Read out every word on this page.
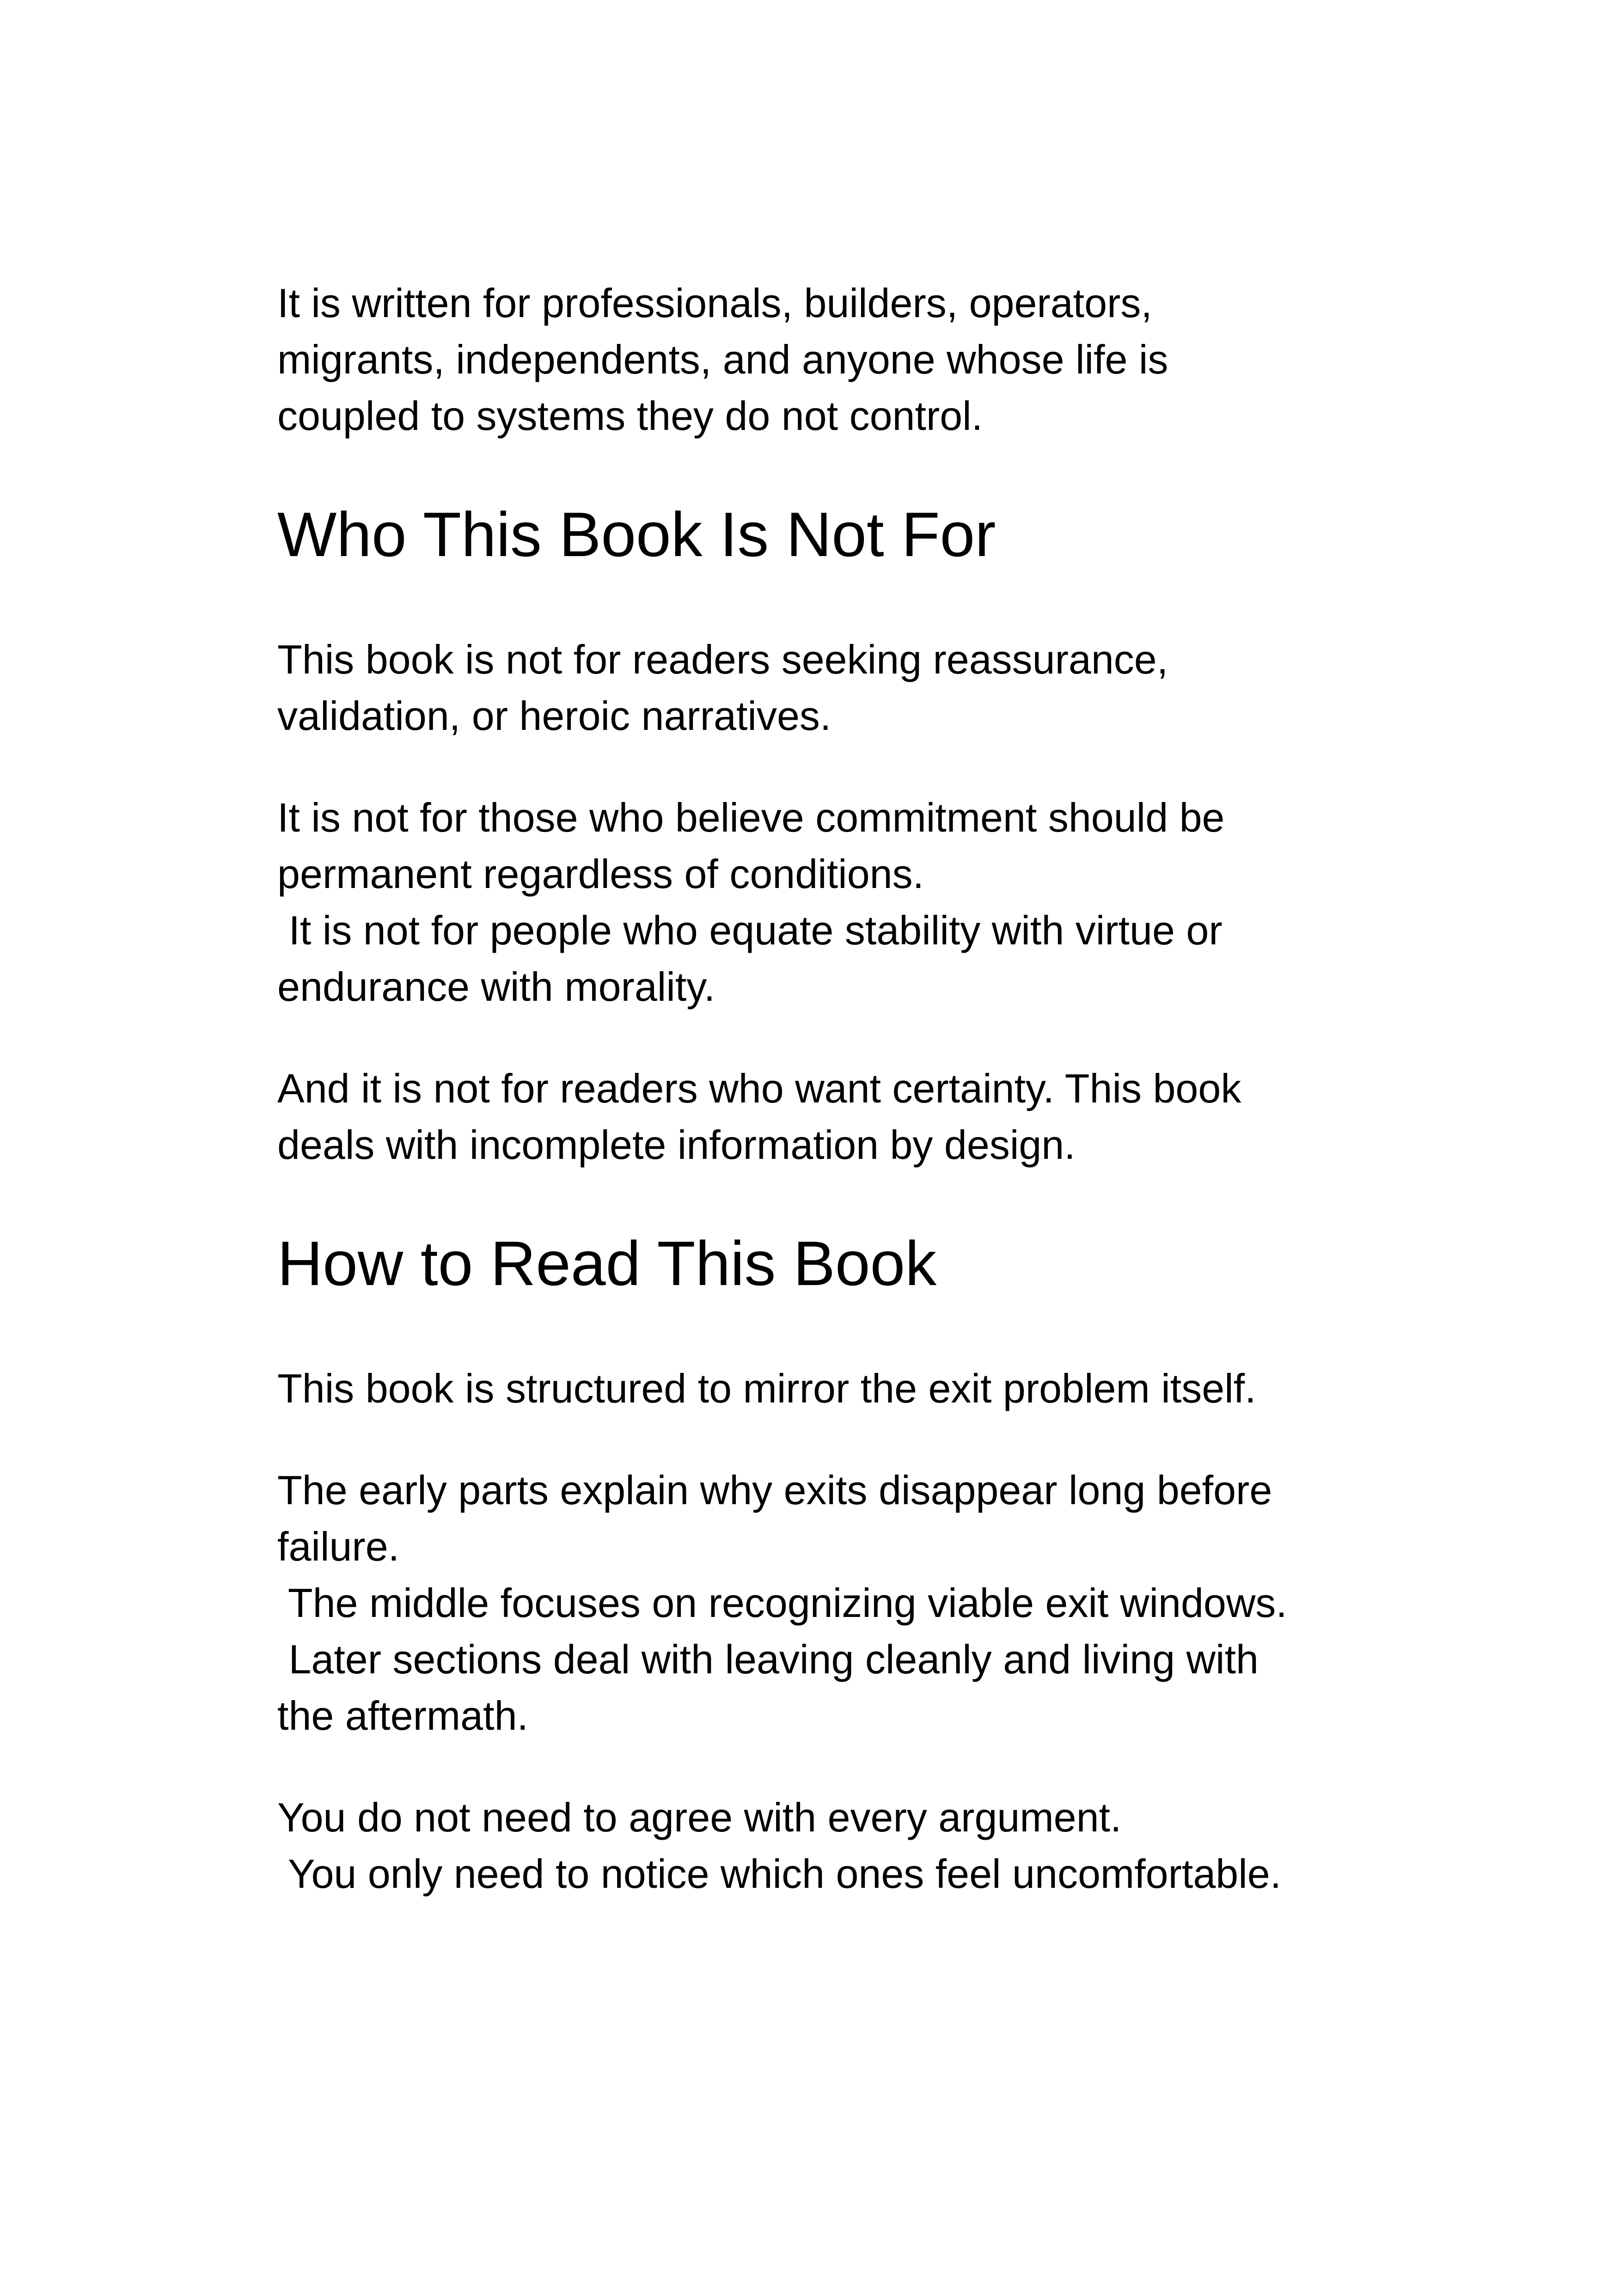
It is written for professionals, builders, operators,
migrants, independents, and anyone whose life is
coupled to systems they do not control.

Who This Book Is Not For

This book is not for readers seeking reassurance,
validation, or heroic narratives.

It is not for those who believe commitment should be
permanent regardless of conditions.
It is not for people who equate stability with virtue or
endurance with morality.

And it is not for readers who want certainty. This book
deals with incomplete information by design.

How to Read This Book

This book is structured to mirror the exit problem itself.

The early parts explain why exits disappear long before
failure.
The middle focuses on recognizing viable exit windows.
Later sections deal with leaving cleanly and living with
the aftermath.

You do not need to agree with every argument.
You only need to notice which ones feel uncomfortable.
